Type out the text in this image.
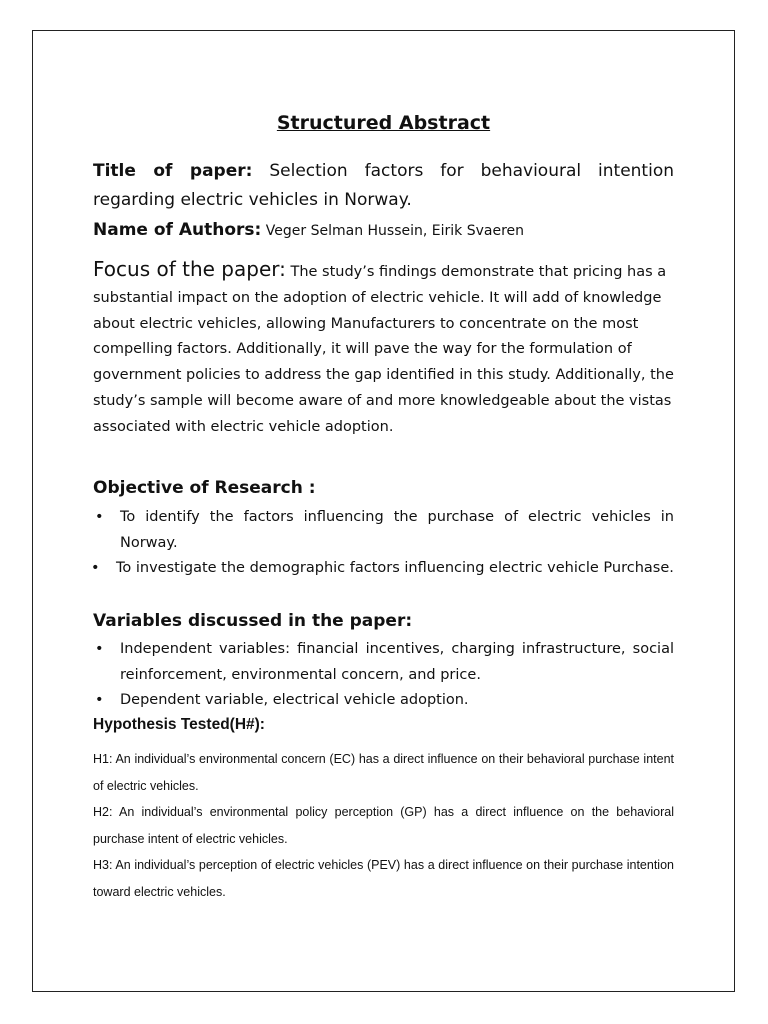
Structured Abstract

Title of paper: Selection factors for behavioural intention regarding electric vehicles in Norway.

Name of Authors: Veger Selman Hussein, Eirik Svaeren

Focus of the paper: The study’s findings demonstrate that pricing has a substantial impact on the adoption of electric vehicle. It will add of knowledge about electric vehicles, allowing Manufacturers to concentrate on the most compelling factors. Additionally, it will pave the way for the formulation of government policies to address the gap identified in this study. Additionally, the study’s sample will become aware of and more knowledgeable about the vistas associated with electric vehicle adoption.

Objective of Research :
• To identify the factors influencing the purchase of electric vehicles in Norway.
• To investigate the demographic factors influencing electric vehicle Purchase.
Variables discussed in the paper:
• Independent variables: financial incentives, charging infrastructure, social reinforcement, environmental concern, and price.
• Dependent variable, electrical vehicle adoption.
Hypothesis Tested(H#):

H1: An individual’s environmental concern (EC) has a direct influence on their behavioral purchase intent of electric vehicles.

H2: An individual’s environmental policy perception (GP) has a direct influence on the behavioral purchase intent of electric vehicles.

H3: An individual’s perception of electric vehicles (PEV) has a direct influence on their purchase intention toward electric vehicles.
